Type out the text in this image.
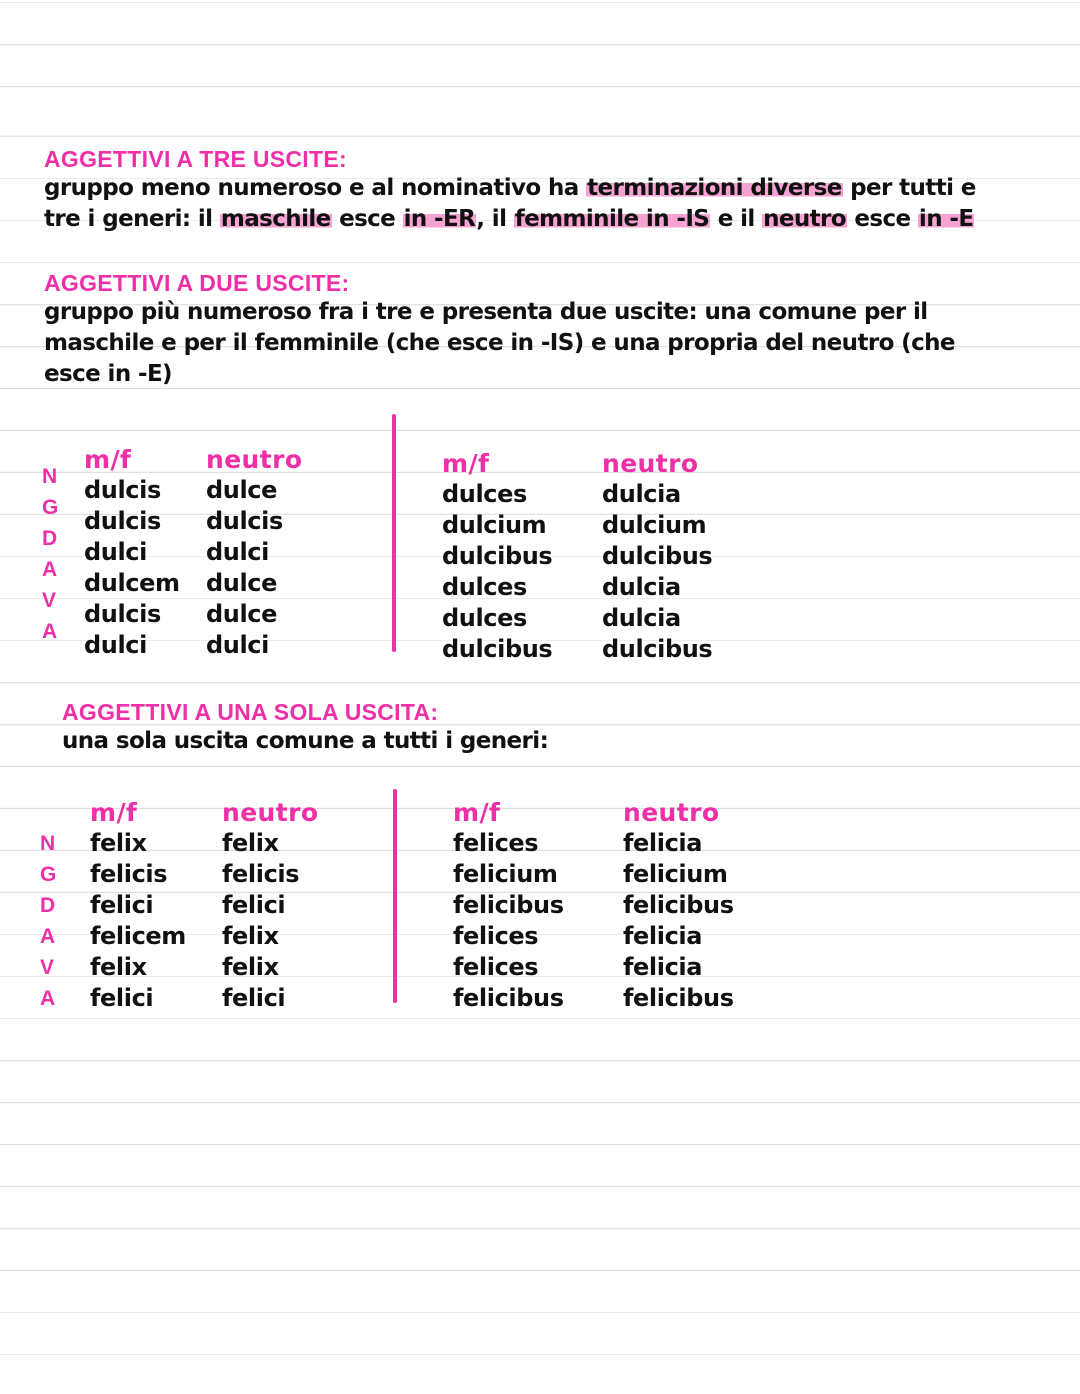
AGGETTIVI A TRE USCITE:
gruppo meno numeroso e al nominativo ha terminazioni diverse per tutti e
tre i generi: il maschile esce in -ER, il femminile in -IS e il neutro esce in -E
AGGETTIVI A DUE USCITE:
gruppo più numeroso fra i tre e presenta due uscite: una comune per il
maschile e per il femminile (che esce in -IS) e una propria del neutro (che
esce in -E)
N
G
D
A
V
A
m/f
dulcis
dulcis
dulci
dulcem
dulcis
dulci
neutro
dulce
dulcis
dulci
dulce
dulce
dulci
m/f
dulces
dulcium
dulcibus
dulces
dulces
dulcibus
neutro
dulcia
dulcium
dulcibus
dulcia
dulcia
dulcibus
AGGETTIVI A UNA SOLA USCITA:
una sola uscita comune a tutti i generi:
N
G
D
A
V
A
m/f
felix
felicis
felici
felicem
felix
felici
neutro
felix
felicis
felici
felix
felix
felici
m/f
felices
felicium
felicibus
felices
felices
felicibus
neutro
felicia
felicium
felicibus
felicia
felicia
felicibus
